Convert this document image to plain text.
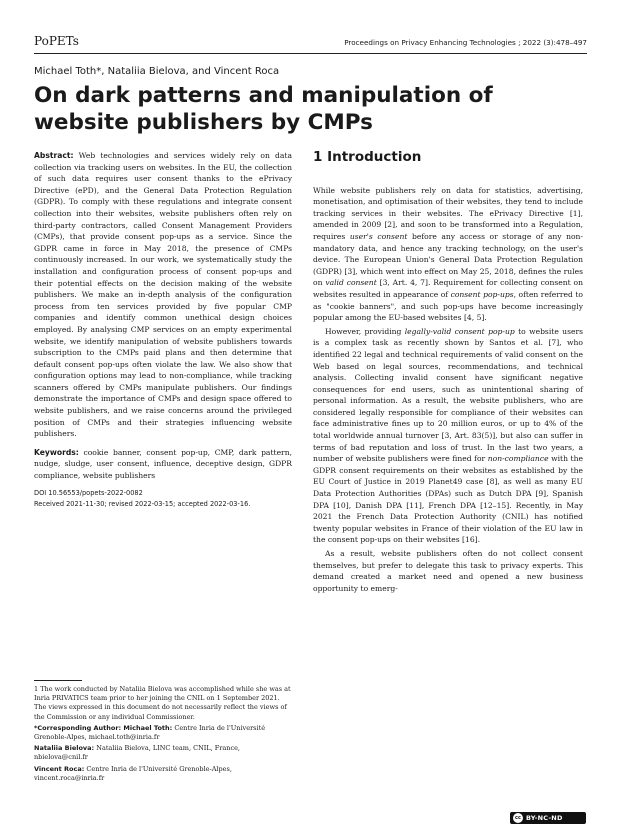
PoPETs	Proceedings on Privacy Enhancing Technologies ; 2022 (3):478–497
Michael Toth*, Nataliia Bielova, and Vincent Roca
On dark patterns and manipulation of website publishers by CMPs

Abstract: Web technologies and services widely rely on data collection via tracking users on websites. In the EU, the collection of such data requires user consent thanks to the ePrivacy Directive (ePD), and the General Data Protection Regulation (GDPR). To comply with these regulations and integrate consent collection into their websites, website publishers often rely on third-party contractors, called Consent Management Providers (CMPs), that provide consent pop-ups as a service. Since the GDPR came in force in May 2018, the presence of CMPs continuously increased. In our work, we systematically study the installation and configuration process of consent pop-ups and their potential effects on the decision making of the website publishers. We make an in-depth analysis of the configuration process from ten services provided by five popular CMP companies and identify common unethical design choices employed. By analysing CMP services on an empty experimental website, we identify manipulation of website publishers towards subscription to the CMPs paid plans and then determine that default consent pop-ups often violate the law. We also show that configuration options may lead to non-compliance, while tracking scanners offered by CMPs manipulate publishers. Our findings demonstrate the importance of CMPs and design space offered to website publishers, and we raise concerns around the privileged position of CMPs and their strategies influencing website publishers.

Keywords: cookie banner, consent pop-up, CMP, dark pattern, nudge, sludge, user consent, influence, deceptive design, GDPR compliance, website publishers

DOI 10.56553/popets-2022-0082

Received 2021-11-30; revised 2022-03-15; accepted 2022-03-16.

1 The work conducted by Nataliia Bielova was accomplished while she was at Inria PRIVATICS team prior to her joining the CNIL on 1 September 2021. The views expressed in this document do not necessarily reflect the views of the Commission or any individual Commissioner.

*Corresponding Author: Michael Toth: Centre Inria de l'Université Grenoble-Alpes, michael.toth@inria.fr

Nataliia Bielova: Nataliia Bielova, LINC team, CNIL, France, nbielova@cnil.fr

Vincent Roca: Centre Inria de l'Université Grenoble-Alpes, vincent.roca@inria.fr

1 Introduction

While website publishers rely on data for statistics, advertising, monetisation, and optimisation of their websites, they tend to include tracking services in their websites. The ePrivacy Directive [1], amended in 2009 [2], and soon to be transformed into a Regulation, requires user's consent before any access or storage of any non-mandatory data, and hence any tracking technology, on the user's device. The European Union's General Data Protection Regulation (GDPR) [3], which went into effect on May 25, 2018, defines the rules on valid consent [3, Art. 4, 7]. Requirement for collecting consent on websites resulted in appearance of consent pop-ups, often referred to as "cookie banners", and such pop-ups have become increasingly popular among the EU-based websites [4, 5].

However, providing legally-valid consent pop-up to website users is a complex task as recently shown by Santos et al. [7], who identified 22 legal and technical requirements of valid consent on the Web based on legal sources, recommendations, and technical analysis. Collecting invalid consent have significant negative consequences for end users, such as unintentional sharing of personal information. As a result, the website publishers, who are considered legally responsible for compliance of their websites can face administrative fines up to 20 million euros, or up to 4% of the total worldwide annual turnover [3, Art. 83(5)], but also can suffer in terms of bad reputation and loss of trust. In the last two years, a number of website publishers were fined for non-compliance with the GDPR consent requirements on their websites as established by the EU Court of Justice in 2019 Planet49 case [8], as well as many EU Data Protection Authorities (DPAs) such as Dutch DPA [9], Spanish DPA [10], Danish DPA [11], French DPA [12–15]. Recently, in May 2021 the French Data Protection Authority (CNIL) has notified twenty popular websites in France of their violation of the EU law in the consent pop-ups on their websites [16].

As a result, website publishers often do not collect consent themselves, but prefer to delegate this task to privacy experts. This demand created a market need and opened a new business opportunity to emerg-

cc BY-NC-ND
